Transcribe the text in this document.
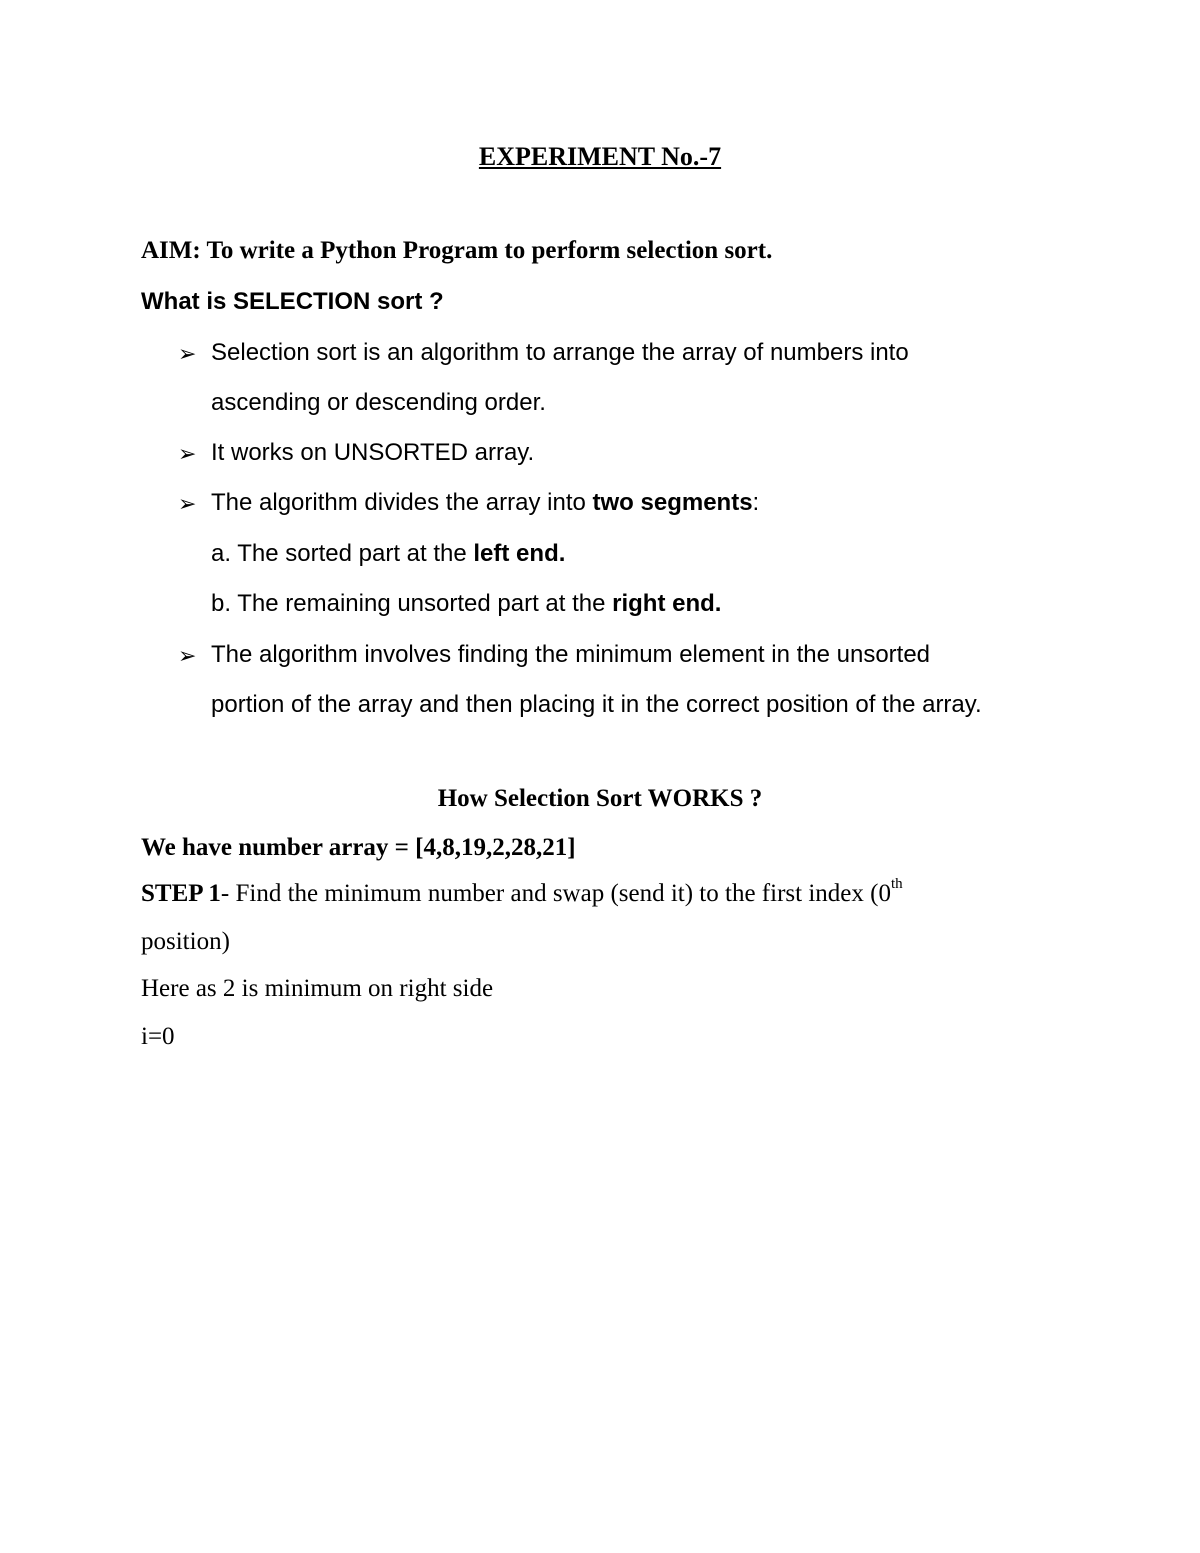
EXPERIMENT No.-7
AIM: To write a Python Program to perform selection sort.
What is SELECTION sort ?
➢ Selection sort is an algorithm to arrange the array of numbers into
ascending or descending order.
➢ It works on UNSORTED array.
➢ The algorithm divides the array into two segments:
a. The sorted part at the left end.
b. The remaining unsorted part at the right end.
➢ The algorithm involves finding the minimum element in the unsorted
portion of the array and then placing it in the correct position of the array.
How Selection Sort WORKS ?
We have number array = [4,8,19,2,28,21]
STEP 1- Find the minimum number and swap (send it) to the first index (0th
position)
Here as 2 is minimum on right side
i=0
